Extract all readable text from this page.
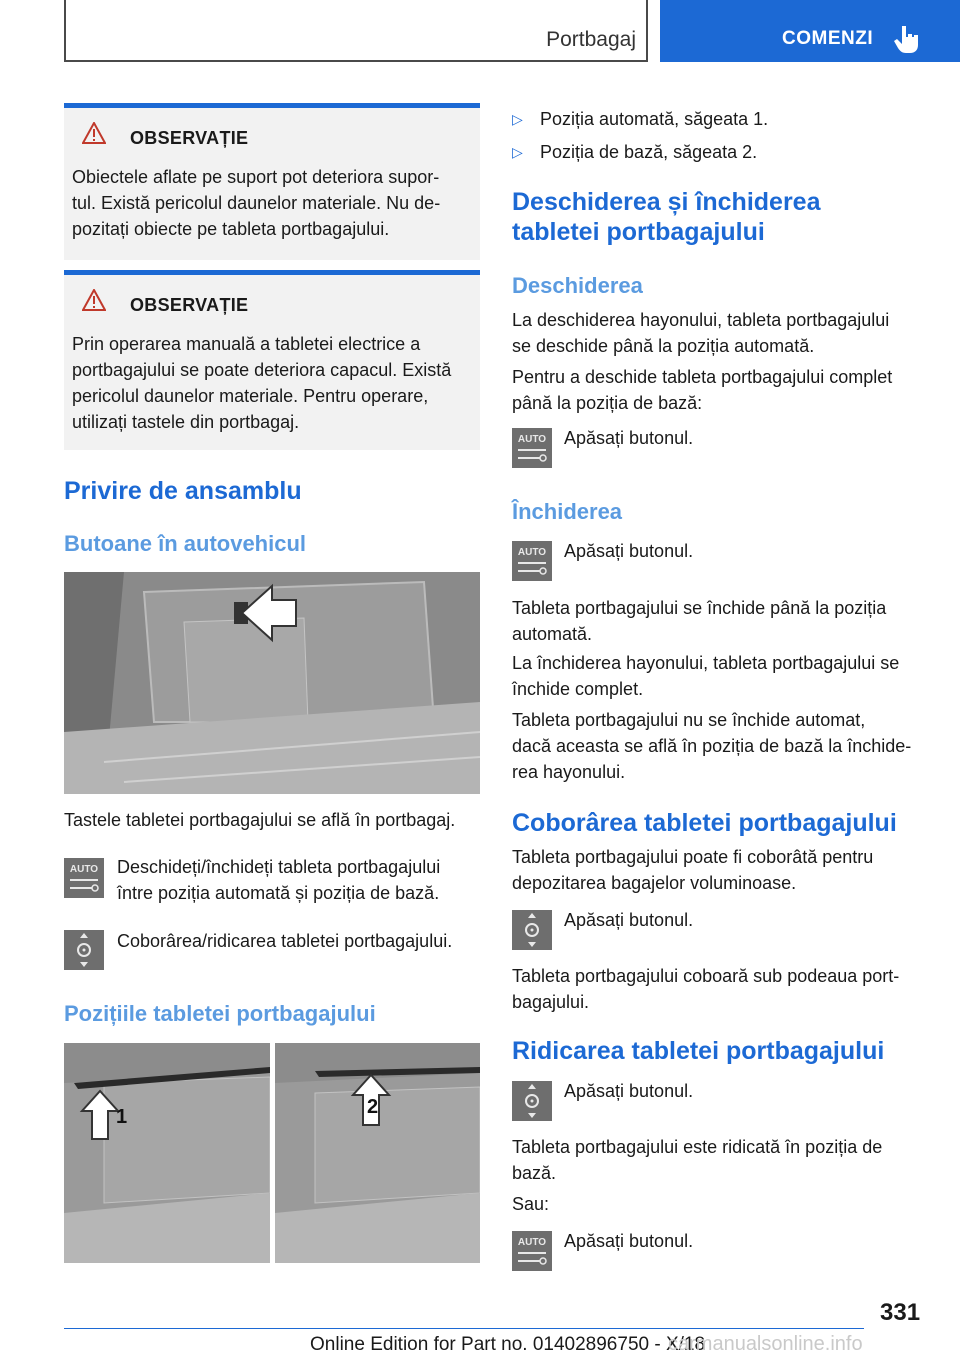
Portbagaj	COMENZI
OBSERVAȚIE
Obiectele aflate pe suport pot deteriora supor-
tul. Există pericolul daunelor materiale. Nu de-
pozitați obiecte pe tableta portbagajului.
OBSERVAȚIE
Prin operarea manuală a tabletei electrice a
portbagajului se poate deteriora capacul. Există
pericolul daunelor materiale. Pentru operare,
utilizați tastele din portbagaj.
Privire de ansamblu
Butoane în autovehicul
Tastele tabletei portbagajului se află în portbagaj.
AUTO Deschideți/închideți tableta portbagajului
între poziția automată și poziția de bază.
Coborârea/ridicarea tabletei portbagajului.
Pozițiile tabletei portbagajului
1	2
▷ Poziția automată, săgeata 1.
▷ Poziția de bază, săgeata 2.
Deschiderea și închiderea
tabletei portbagajului
Deschiderea
La deschiderea hayonului, tableta portbagajului
se deschide până la poziția automată.
Pentru a deschide tableta portbagajului complet
până la poziția de bază:
AUTO Apăsați butonul.
Închiderea
AUTO Apăsați butonul.
Tableta portbagajului se închide până la poziția
automată.
La închiderea hayonului, tableta portbagajului se
închide complet.
Tableta portbagajului nu se închide automat,
dacă aceasta se află în poziția de bază la închide-
rea hayonului.
Coborârea tabletei portbagajului
Tableta portbagajului poate fi coborâtă pentru
depozitarea bagajelor voluminoase.
Apăsați butonul.
Tableta portbagajului coboară sub podeaua port-
bagajului.
Ridicarea tabletei portbagajului
Apăsați butonul.
Tableta portbagajului este ridicată în poziția de
bază.
Sau:
AUTO Apăsați butonul.
331
Online Edition for Part no. 01402896750 - X/18
carmanualsonline.info
